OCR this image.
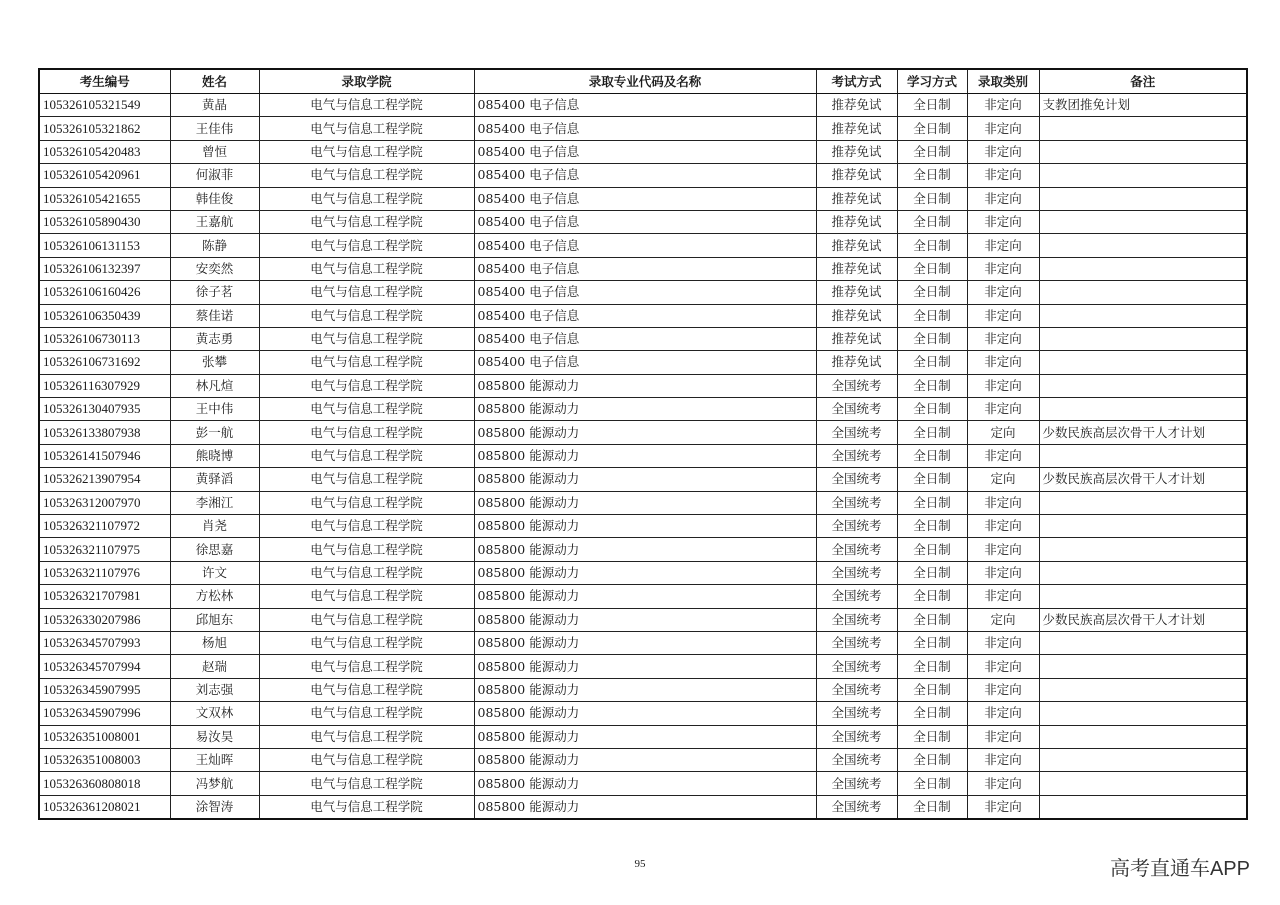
考生编号	姓名	录取学院	录取专业代码及名称	考试方式	学习方式	录取类别	备注
105326105321549	黄晶	电气与信息工程学院	085400 电子信息	推荐免试	全日制	非定向	支教团推免计划
105326105321862	王佳伟	电气与信息工程学院	085400 电子信息	推荐免试	全日制	非定向	
105326105420483	曾恒	电气与信息工程学院	085400 电子信息	推荐免试	全日制	非定向	
105326105420961	何淑菲	电气与信息工程学院	085400 电子信息	推荐免试	全日制	非定向	
105326105421655	韩佳俊	电气与信息工程学院	085400 电子信息	推荐免试	全日制	非定向	
105326105890430	王嘉航	电气与信息工程学院	085400 电子信息	推荐免试	全日制	非定向	
105326106131153	陈静	电气与信息工程学院	085400 电子信息	推荐免试	全日制	非定向	
105326106132397	安奕然	电气与信息工程学院	085400 电子信息	推荐免试	全日制	非定向	
105326106160426	徐子茗	电气与信息工程学院	085400 电子信息	推荐免试	全日制	非定向	
105326106350439	蔡佳诺	电气与信息工程学院	085400 电子信息	推荐免试	全日制	非定向	
105326106730113	黄志勇	电气与信息工程学院	085400 电子信息	推荐免试	全日制	非定向	
105326106731692	张攀	电气与信息工程学院	085400 电子信息	推荐免试	全日制	非定向	
105326116307929	林凡煊	电气与信息工程学院	085800 能源动力	全国统考	全日制	非定向	
105326130407935	王中伟	电气与信息工程学院	085800 能源动力	全国统考	全日制	非定向	
105326133807938	彭一航	电气与信息工程学院	085800 能源动力	全国统考	全日制	定向	少数民族高层次骨干人才计划
105326141507946	熊晓博	电气与信息工程学院	085800 能源动力	全国统考	全日制	非定向	
105326213907954	黄驿滔	电气与信息工程学院	085800 能源动力	全国统考	全日制	定向	少数民族高层次骨干人才计划
105326312007970	李湘江	电气与信息工程学院	085800 能源动力	全国统考	全日制	非定向	
105326321107972	肖尧	电气与信息工程学院	085800 能源动力	全国统考	全日制	非定向	
105326321107975	徐思嘉	电气与信息工程学院	085800 能源动力	全国统考	全日制	非定向	
105326321107976	许文	电气与信息工程学院	085800 能源动力	全国统考	全日制	非定向	
105326321707981	方松林	电气与信息工程学院	085800 能源动力	全国统考	全日制	非定向	
105326330207986	邱旭东	电气与信息工程学院	085800 能源动力	全国统考	全日制	定向	少数民族高层次骨干人才计划
105326345707993	杨旭	电气与信息工程学院	085800 能源动力	全国统考	全日制	非定向	
105326345707994	赵瑞	电气与信息工程学院	085800 能源动力	全国统考	全日制	非定向	
105326345907995	刘志强	电气与信息工程学院	085800 能源动力	全国统考	全日制	非定向	
105326345907996	文双林	电气与信息工程学院	085800 能源动力	全国统考	全日制	非定向	
105326351008001	易汝昊	电气与信息工程学院	085800 能源动力	全国统考	全日制	非定向	
105326351008003	王灿晖	电气与信息工程学院	085800 能源动力	全国统考	全日制	非定向	
105326360808018	冯梦航	电气与信息工程学院	085800 能源动力	全国统考	全日制	非定向	
105326361208021	涂智涛	电气与信息工程学院	085800 能源动力	全国统考	全日制	非定向	
95	高考直通车APP
